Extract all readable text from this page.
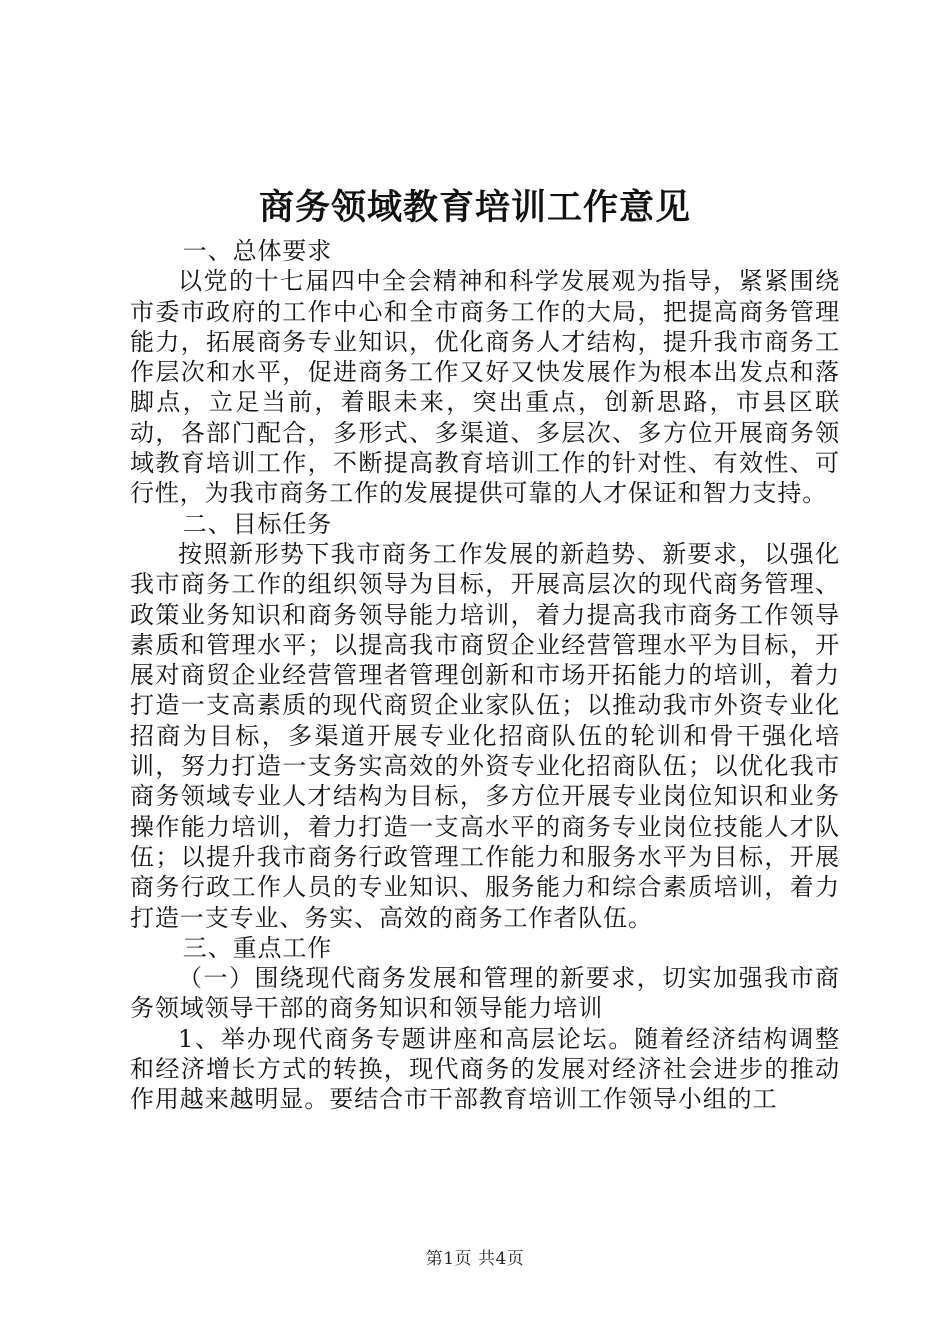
商务领域教育培训工作意见

一、总体要求

以党的十七届四中全会精神和科学发展观为指导，紧紧围绕市委市政府的工作中心和全市商务工作的大局，把提高商务管理能力，拓展商务专业知识，优化商务人才结构，提升我市商务工作层次和水平，促进商务工作又好又快发展作为根本出发点和落脚点，立足当前，着眼未来，突出重点，创新思路，市县区联动，各部门配合，多形式、多渠道、多层次、多方位开展商务领域教育培训工作，不断提高教育培训工作的针对性、有效性、可行性，为我市商务工作的发展提供可靠的人才保证和智力支持。

二、目标任务

按照新形势下我市商务工作发展的新趋势、新要求，以强化我市商务工作的组织领导为目标，开展高层次的现代商务管理、政策业务知识和商务领导能力培训，着力提高我市商务工作领导素质和管理水平；以提高我市商贸企业经营管理水平为目标，开展对商贸企业经营管理者管理创新和市场开拓能力的培训，着力打造一支高素质的现代商贸企业家队伍；以推动我市外资专业化招商为目标，多渠道开展专业化招商队伍的轮训和骨干强化培训，努力打造一支务实高效的外资专业化招商队伍；以优化我市商务领域专业人才结构为目标，多方位开展专业岗位知识和业务操作能力培训，着力打造一支高水平的商务专业岗位技能人才队伍；以提升我市商务行政管理工作能力和服务水平为目标，开展商务行政工作人员的专业知识、服务能力和综合素质培训，着力打造一支专业、务实、高效的商务工作者队伍。

三、重点工作

（一）围绕现代商务发展和管理的新要求，切实加强我市商务领域领导干部的商务知识和领导能力培训

1、举办现代商务专题讲座和高层论坛。随着经济结构调整和经济增长方式的转换，现代商务的发展对经济社会进步的推动作用越来越明显。要结合市干部教育培训工作领导小组的工

第1页 共4页
